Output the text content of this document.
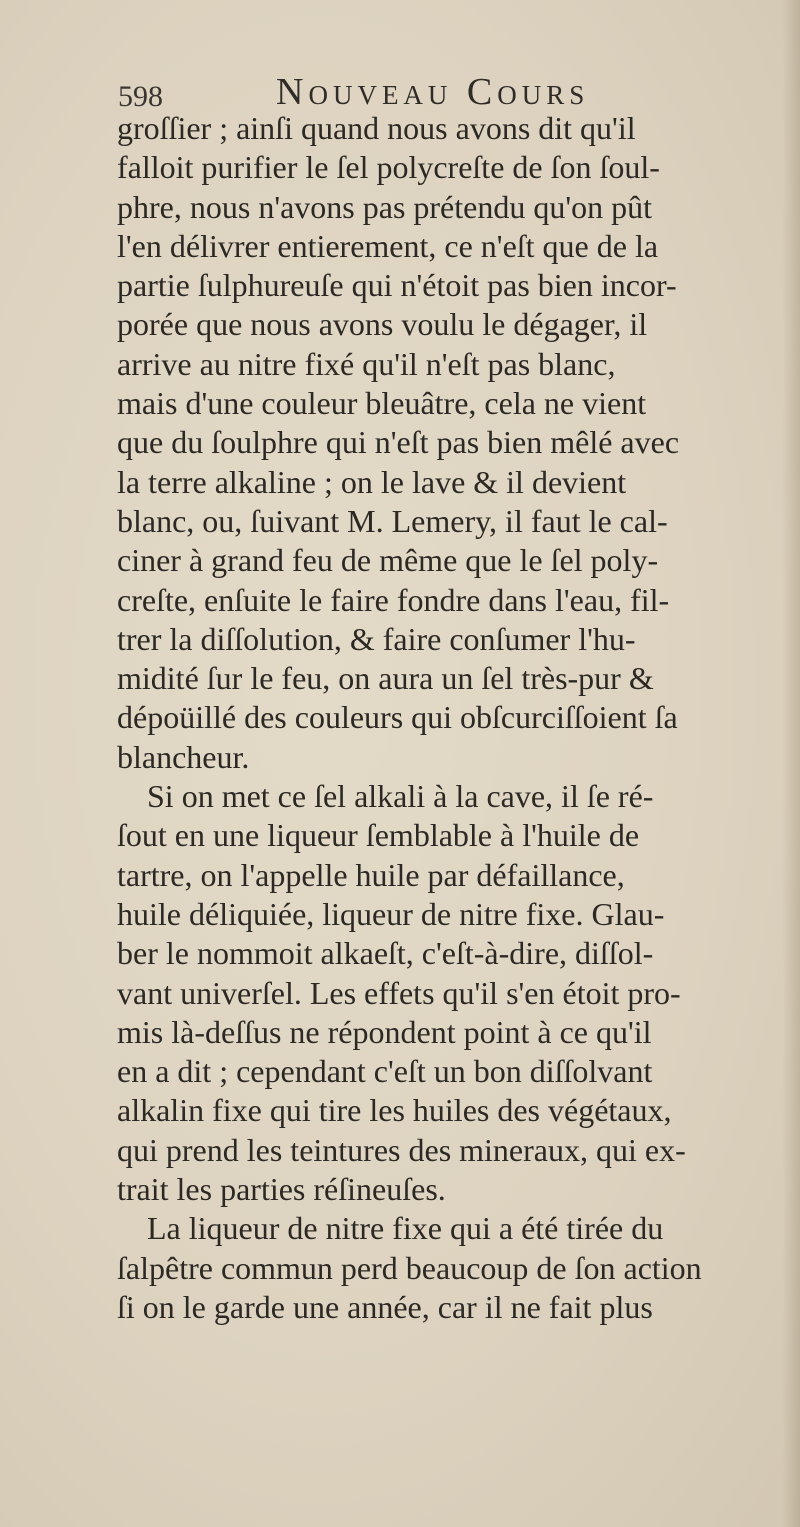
598	Nouveau Cours
groſſier ; ainſi quand nous avons dit qu'il
falloit purifier le ſel polycreſte de ſon ſoul-
phre, nous n'avons pas prétendu qu'on pût
l'en délivrer entierement, ce n'eſt que de la
partie ſulphureuſe qui n'étoit pas bien incor-
porée que nous avons voulu le dégager, il
arrive au nitre fixé qu'il n'eſt pas blanc,
mais d'une couleur bleuâtre, cela ne vient
que du ſoulphre qui n'eſt pas bien mêlé avec
la terre alkaline ; on le lave & il devient
blanc, ou, ſuivant M. Lemery, il faut le cal-
ciner à grand feu de même que le ſel poly-
creſte, enſuite le faire fondre dans l'eau, fil-
trer la diſſolution, & faire conſumer l'hu-
midité ſur le feu, on aura un ſel très-pur &
dépoüillé des couleurs qui obſcurciſſoient ſa
blancheur.
Si on met ce ſel alkali à la cave, il ſe ré-
ſout en une liqueur ſemblable à l'huile de
tartre, on l'appelle huile par défaillance,
huile déliquiée, liqueur de nitre fixe. Glau-
ber le nommoit alkaeſt, c'eſt-à-dire, diſſol-
vant univerſel. Les effets qu'il s'en étoit pro-
mis là-deſſus ne répondent point à ce qu'il
en a dit ; cependant c'eſt un bon diſſolvant
alkalin fixe qui tire les huiles des végétaux,
qui prend les teintures des mineraux, qui ex-
trait les parties réſineuſes.
La liqueur de nitre fixe qui a été tirée du
ſalpêtre commun perd beaucoup de ſon action
ſi on le garde une année, car il ne fait plus
